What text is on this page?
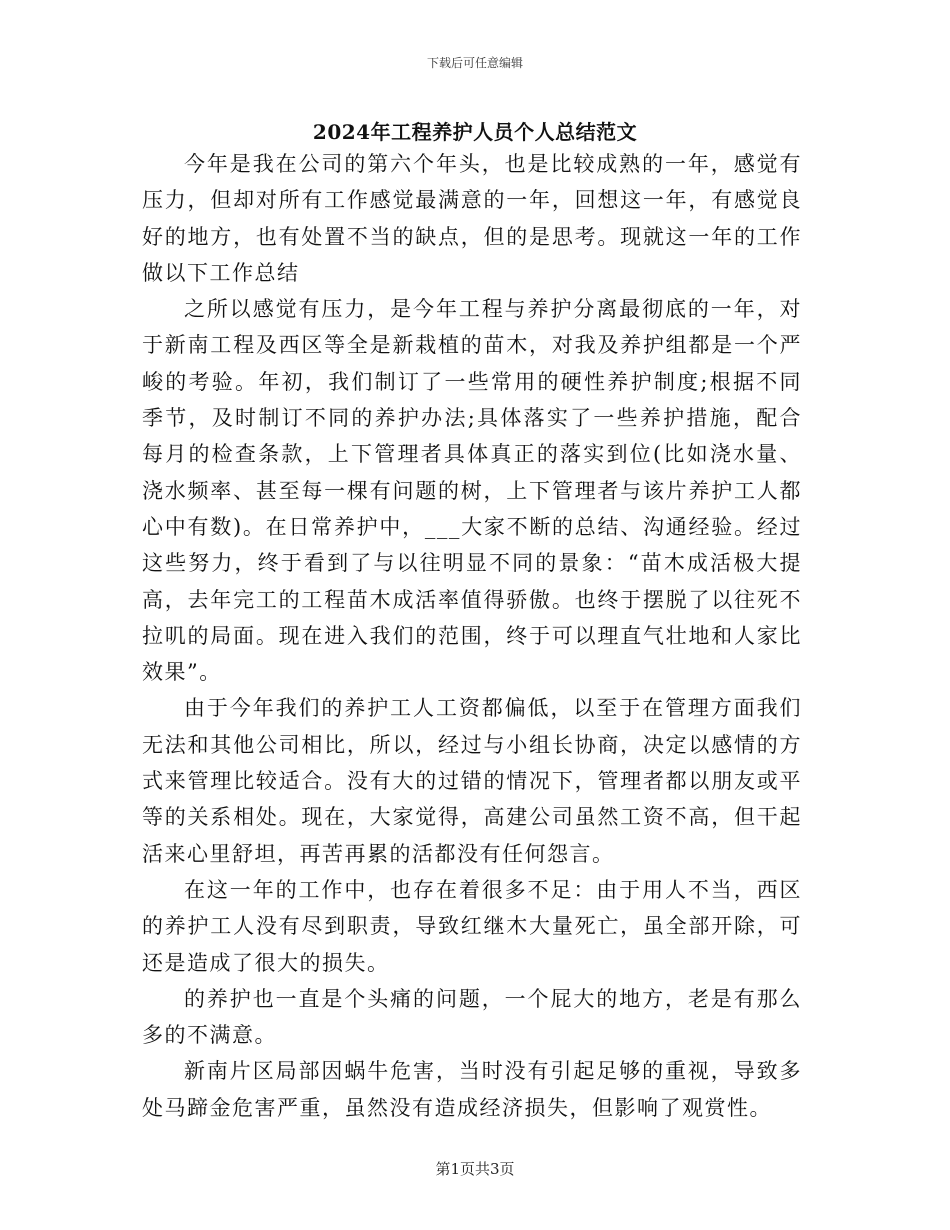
下载后可任意编辑
2024年工程养护人员个人总结范文

今年是我在公司的第六个年头，也是比较成熟的一年，感觉有压力，但却对所有工作感觉最满意的一年，回想这一年，有感觉良好的地方，也有处置不当的缺点，但的是思考。现就这一年的工作做以下工作总结

之所以感觉有压力，是今年工程与养护分离最彻底的一年，对于新南工程及西区等全是新栽植的苗木，对我及养护组都是一个严峻的考验。年初，我们制订了一些常用的硬性养护制度;根据不同季节，及时制订不同的养护办法;具体落实了一些养护措施，配合每月的检查条款，上下管理者具体真正的落实到位(比如浇水量、浇水频率、甚至每一棵有问题的树，上下管理者与该片养护工人都心中有数)。在日常养护中，___大家不断的总结、沟通经验。经过这些努力，终于看到了与以往明显不同的景象：“苗木成活极大提高，去年完工的工程苗木成活率值得骄傲。也终于摆脱了以往死不拉叽的局面。现在进入我们的范围，终于可以理直气壮地和人家比效果”。

由于今年我们的养护工人工资都偏低，以至于在管理方面我们无法和其他公司相比，所以，经过与小组长协商，决定以感情的方式来管理比较适合。没有大的过错的情况下，管理者都以朋友或平等的关系相处。现在，大家觉得，高建公司虽然工资不高，但干起活来心里舒坦，再苦再累的活都没有任何怨言。

在这一年的工作中，也存在着很多不足：由于用人不当，西区的养护工人没有尽到职责，导致红继木大量死亡，虽全部开除，可还是造成了很大的损失。

的养护也一直是个头痛的问题，一个屁大的地方，老是有那么多的不满意。

新南片区局部因蜗牛危害，当时没有引起足够的重视，导致多处马蹄金危害严重，虽然没有造成经济损失，但影响了观赏性。

第1页共3页
